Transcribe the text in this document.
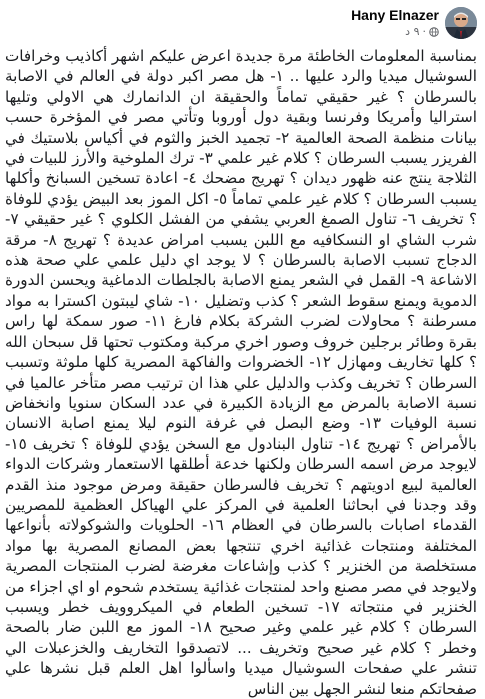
Hany Elnazer
٩ د ·
بمناسبة المعلومات الخاطئة مرة جديدة اعرض عليكم اشهر أكاذيب وخرافات السوشيال ميديا والرد عليها .. ١- هل مصر اكبر دولة في العالم في الاصابة بالسرطان ؟ غير حقيقي تماماً والحقيقة ان الدانمارك هي الاولي وتليها استراليا وأمريكا وفرنسا وبقية دول أوروبا وتأتي مصر في المؤخرة حسب بيانات منظمة الصحة العالمية ٢- تجميد الخبز والثوم في أكياس بلاستيك في الفريزر يسبب السرطان ؟ كلام غير علمي ٣- ترك الملوخية والأرز للبيات في الثلاجة ينتج عنه ظهور ديدان ؟ تهريج مضحك ٤- اعادة تسخين السبانخ وأكلها يسبب السرطان ؟ كلام غير علمي تماماً ٥- اكل الموز بعد البيض يؤدي للوفاة ؟ تخريف ٦- تناول الصمغ العربي يشفي من الفشل الكلوي ؟ غير حقيقي ٧- شرب الشاي او النسكافيه مع اللبن يسبب امراض عديدة ؟ تهريج ٨- مرقة الدجاج تسبب الاصابة بالسرطان ؟ لا يوجد اي دليل علمي علي صحة هذه الاشاعة ٩- القمل في الشعر يمنع الاصابة بالجلطات الدماغية ويحسن الدورة الدموية ويمنع سقوط الشعر ؟ كذب وتضليل ١٠- شاي ليبتون اكسترا به مواد مسرطنة ؟ محاولات لضرب الشركة بكلام فارغ ١١- صور سمكة لها راس بقرة وطائر برجلين خروف وصور اخري مركبة ومكتوب تحتها قل سبحان الله ؟ كلها تخاريف ومهازل ١٢- الخضروات والفاكهة المصرية كلها ملوثة وتسبب السرطان ؟ تخريف وكذب والدليل علي هذا ان ترتيب مصر متأخر عالميا في نسبة الاصابة بالمرض مع الزيادة الكبيرة في عدد السكان سنويا وانخفاض نسبة الوفيات ١٣- وضع البصل في غرفة النوم ليلا يمنع اصابة الانسان بالأمراض ؟ تهريج ١٤- تناول البنادول مع السخن يؤدي للوفاة ؟ تخريف ١٥- لايوجد مرض اسمه السرطان ولكنها خدعة أطلقها الاستعمار وشركات الدواء العالمية لبيع ادويتهم ؟ تخريف فالسرطان حقيقة ومرض موجود منذ القدم وقد وجدنا في ابحاثنا العلمية في المركز علي الهياكل العظمية للمصريين القدماء اصابات بالسرطان في العظام ١٦- الحلويات والشوكولاته بأنواعها المختلفة ومنتجات غذائية اخري تنتجها بعض المصانع المصرية بها مواد مستخلصة من الخنزير ؟ كذب وإشاعات مغرضة لضرب المنتجات المصرية ولايوجد في مصر مصنع واحد لمنتجات غذائية يستخدم شحوم او اي اجزاء من الخنزير في منتجاته ١٧- تسخين الطعام في الميكروويف خطر ويسبب السرطان ؟ كلام غير علمي وغير صحيح ١٨- الموز مع اللبن ضار بالصحة وخطر ؟ كلام غير صحيح وتخريف ... لاتصدقوا التخاريف والخزعبلات الي تنشر علي صفحات السوشيال ميديا واسألوا اهل العلم قبل نشرها علي صفحاتكم منعا لنشر الجهل بين الناس
